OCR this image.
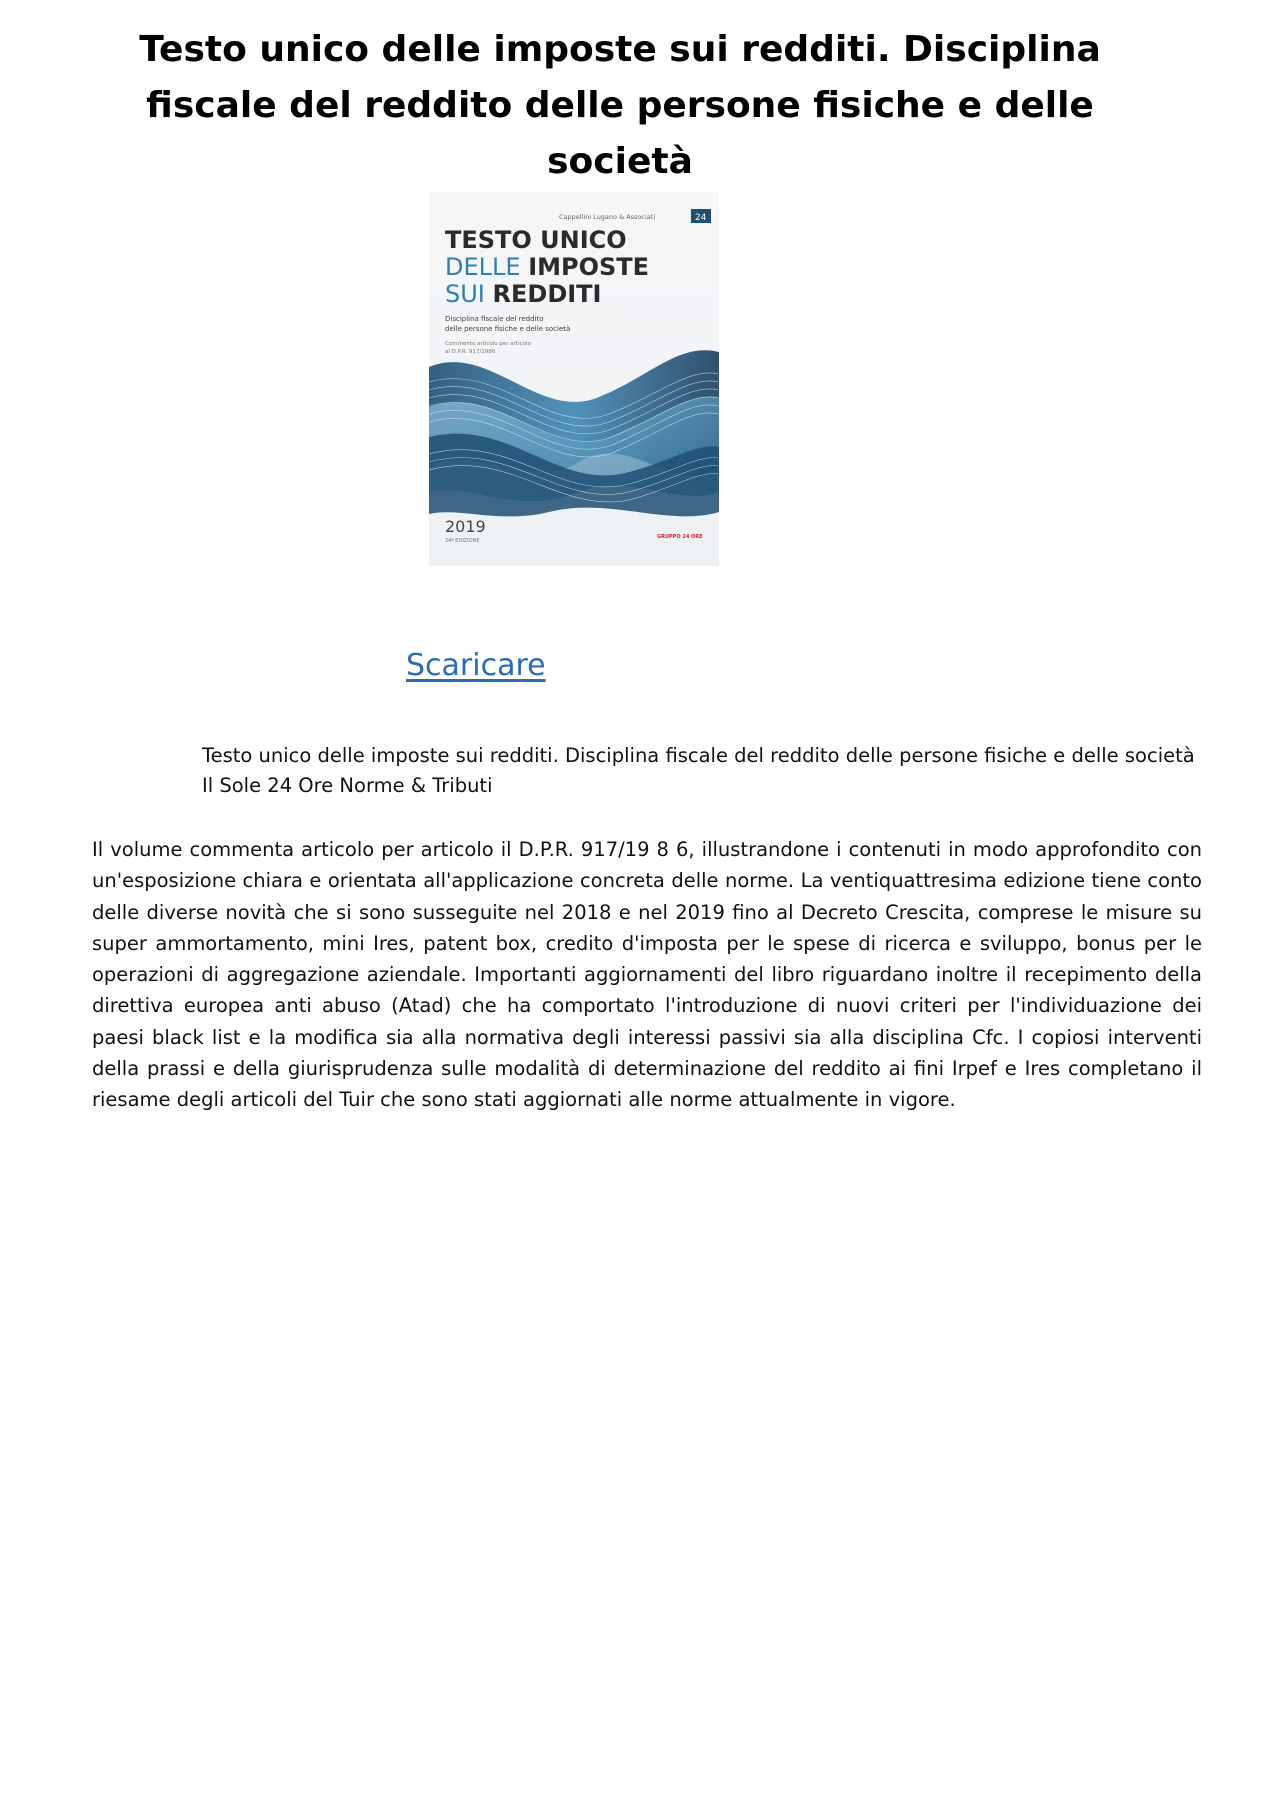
Testo unico delle imposte sui redditi. Disciplina fiscale del reddito delle persone fisiche e delle società
Cappellini Lugano & Associati	24
TESTO UNICO
DELLE IMPOSTE
SUI REDDITI
Disciplina fiscale del reddito
delle persone fisiche e delle società
Commento articolo per articolo
al D.P.R. 917/1986
2019
24ª EDIZIONE
GRUPPO 24 ORE
Scaricare
Testo unico delle imposte sui redditi. Disciplina fiscale del reddito delle persone fisiche e delle società
Il Sole 24 Ore Norme & Tributi

Il volume commenta articolo per articolo il D.P.R. 917/19 8 6, illustrandone i contenuti in modo approfondito con un'esposizione chiara e orientata all'applicazione concreta delle norme. La ventiquattresima edizione tiene conto delle diverse novità che si sono susseguite nel 2018 e nel 2019 fino al Decreto Crescita, comprese le misure su super ammortamento, mini Ires, patent box, credito d'imposta per le spese di ricerca e sviluppo, bonus per le operazioni di aggregazione aziendale. Importanti aggiornamenti del libro riguardano inoltre il recepimento della direttiva europea anti abuso (Atad) che ha comportato l'introduzione di nuovi criteri per l'individuazione dei paesi black list e la modifica sia alla normativa degli interessi passivi sia alla disciplina Cfc. I copiosi interventi della prassi e della giurisprudenza sulle modalità di determinazione del reddito ai fini Irpef e Ires completano il riesame degli articoli del Tuir che sono stati aggiornati alle norme attualmente in vigore.
